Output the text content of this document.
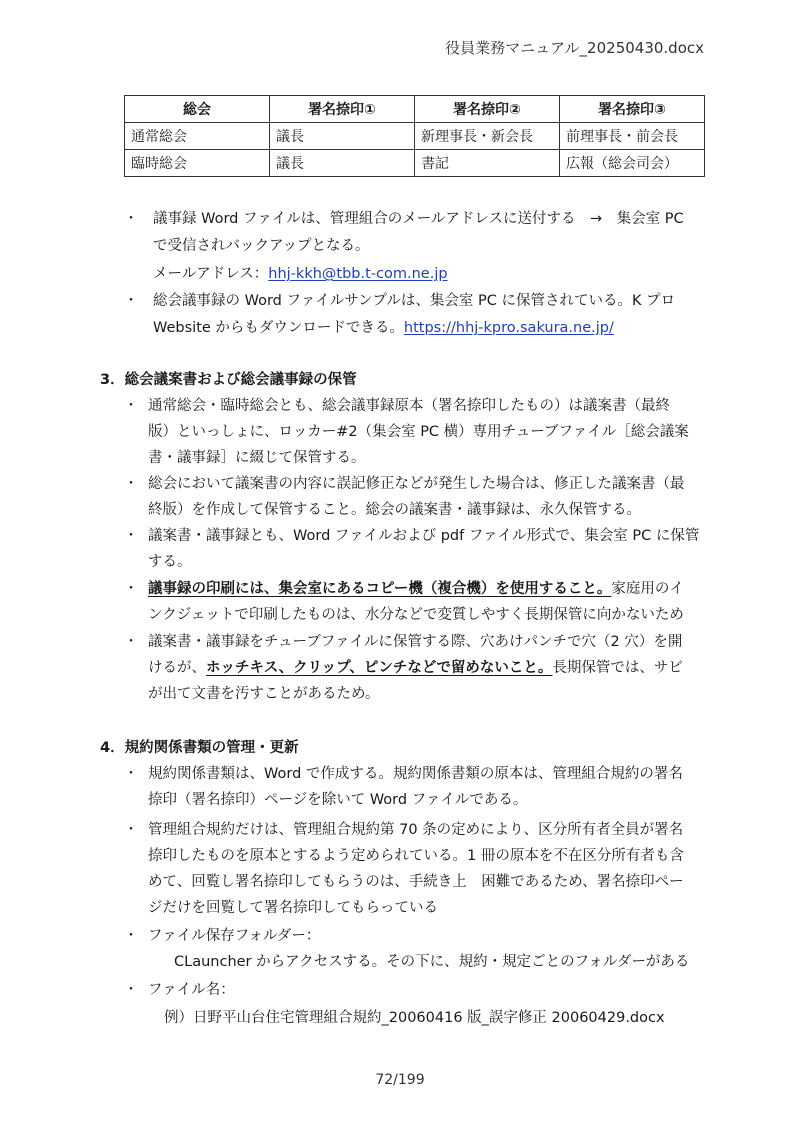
役員業務マニュアル_20250430.docx
総会	署名捺印①	署名捺印②	署名捺印③
通常総会	議長	新理事長・新会長	前理事長・前会長
臨時総会	議長	書記	広報（総会司会）
・ 議事録 Word ファイルは、管理組合のメールアドレスに送付する　→　集会室 PC
で受信されバックアップとなる。
メールアドレス：hhj-kkh@tbb.t-com.ne.jp
・ 総会議事録の Word ファイルサンプルは、集会室 PC に保管されている。K プロ
Website からもダウンロードできる。https://hhj-kpro.sakura.ne.jp/
3．総会議案書および総会議事録の保管
・ 通常総会・臨時総会とも、総会議事録原本（署名捺印したもの）は議案書（最終
版）といっしょに、ロッカー#2（集会室 PC 横）専用チューブファイル［総会議案
書・議事録］に綴じて保管する。
・ 総会において議案書の内容に誤記修正などが発生した場合は、修正した議案書（最
終版）を作成して保管すること。総会の議案書・議事録は、永久保管する。
・ 議案書・議事録とも、Word ファイルおよび pdf ファイル形式で、集会室 PC に保管
する。
・ 議事録の印刷には、集会室にあるコピー機（複合機）を使用すること。家庭用のイ
ンクジェットで印刷したものは、水分などで変質しやすく長期保管に向かないため
・ 議案書・議事録をチューブファイルに保管する際、穴あけパンチで穴（2 穴）を開
けるが、ホッチキス、クリップ、ピンチなどで留めないこと。長期保管では、サビ
が出て文書を汚すことがあるため。
4．規約関係書類の管理・更新
・ 規約関係書類は、Word で作成する。規約関係書類の原本は、管理組合規約の署名
捺印（署名捺印）ページを除いて Word ファイルである。
・ 管理組合規約だけは、管理組合規約第 70 条の定めにより、区分所有者全員が署名
捺印したものを原本とするよう定められている。1 冊の原本を不在区分所有者も含
めて、回覧し署名捺印してもらうのは、手続き上　困難であるため、署名捺印ペー
ジだけを回覧して署名捺印してもらっている
・ ファイル保存フォルダー：
CLauncher からアクセスする。その下に、規約・規定ごとのフォルダーがある
・ ファイル名：
例）日野平山台住宅管理組合規約_20060416 版_誤字修正 20060429.docx
72/199
